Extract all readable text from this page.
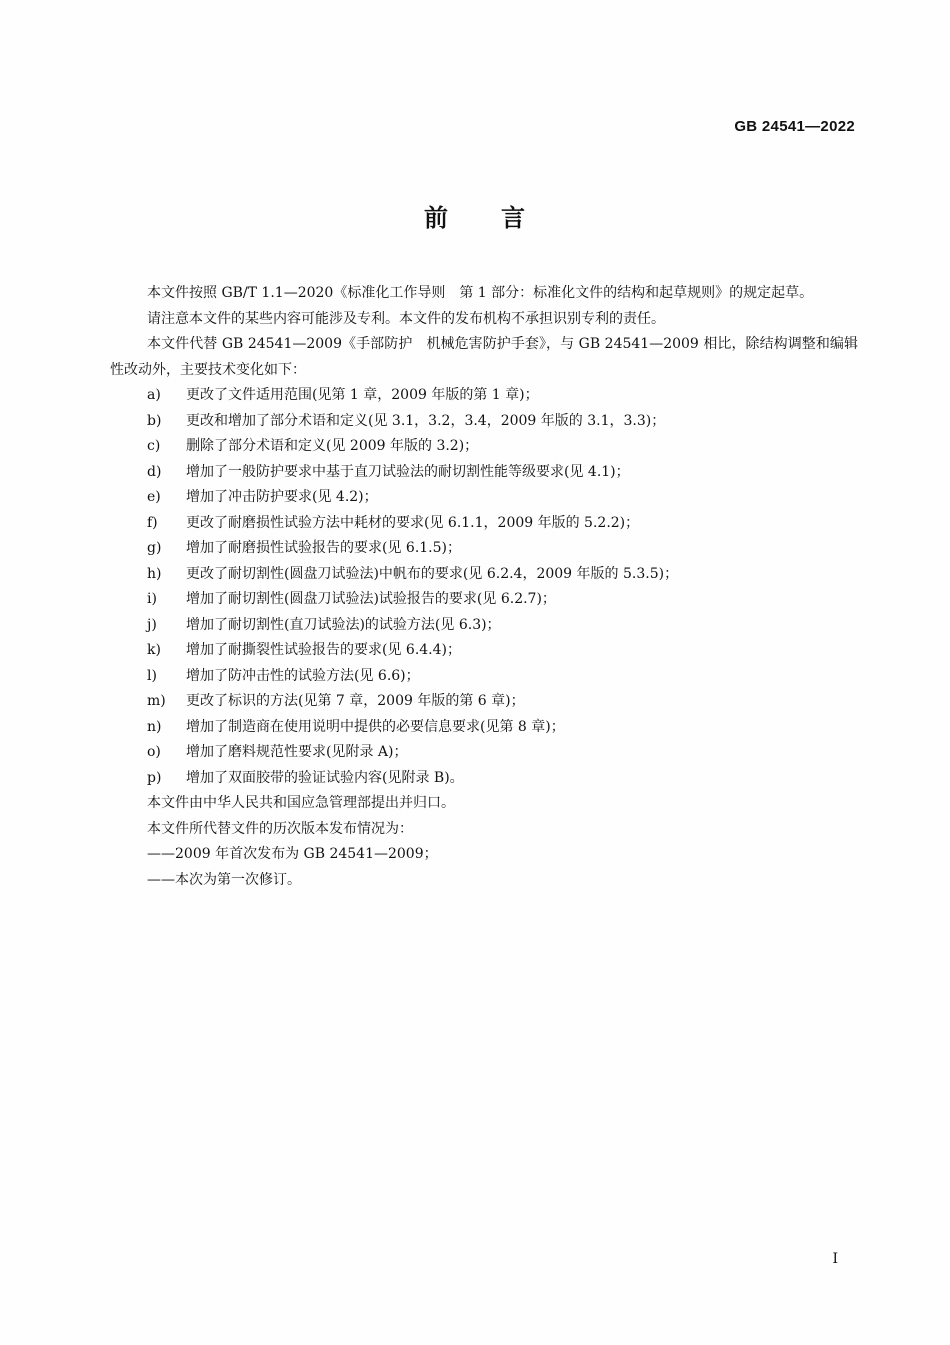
GB 24541—2022
前 言

本文件按照 GB/T 1.1—2020《标准化工作导则　第 1 部分：标准化文件的结构和起草规则》的规定起草。

请注意本文件的某些内容可能涉及专利。本文件的发布机构不承担识别专利的责任。

本文件代替 GB 24541—2009《手部防护　机械危害防护手套》，与 GB 24541—2009 相比，除结构调整和编辑性改动外，主要技术变化如下：

a) 更改了文件适用范围(见第 1 章，2009 年版的第 1 章)；
b) 更改和增加了部分术语和定义(见 3.1，3.2，3.4，2009 年版的 3.1，3.3)；
c) 删除了部分术语和定义(见 2009 年版的 3.2)；
d) 增加了一般防护要求中基于直刀试验法的耐切割性能等级要求(见 4.1)；
e) 增加了冲击防护要求(见 4.2)；
f) 更改了耐磨损性试验方法中耗材的要求(见 6.1.1，2009 年版的 5.2.2)；
g) 增加了耐磨损性试验报告的要求(见 6.1.5)；
h) 更改了耐切割性(圆盘刀试验法)中帆布的要求(见 6.2.4，2009 年版的 5.3.5)；
i) 增加了耐切割性(圆盘刀试验法)试验报告的要求(见 6.2.7)；
j) 增加了耐切割性(直刀试验法)的试验方法(见 6.3)；
k) 增加了耐撕裂性试验报告的要求(见 6.4.4)；
l) 增加了防冲击性的试验方法(见 6.6)；
m) 更改了标识的方法(见第 7 章，2009 年版的第 6 章)；
n) 增加了制造商在使用说明中提供的必要信息要求(见第 8 章)；
o) 增加了磨料规范性要求(见附录 A)；
p) 增加了双面胶带的验证试验内容(见附录 B)。

本文件由中华人民共和国应急管理部提出并归口。

本文件所代替文件的历次版本发布情况为：

——2009 年首次发布为 GB 24541—2009；

——本次为第一次修订。

I
